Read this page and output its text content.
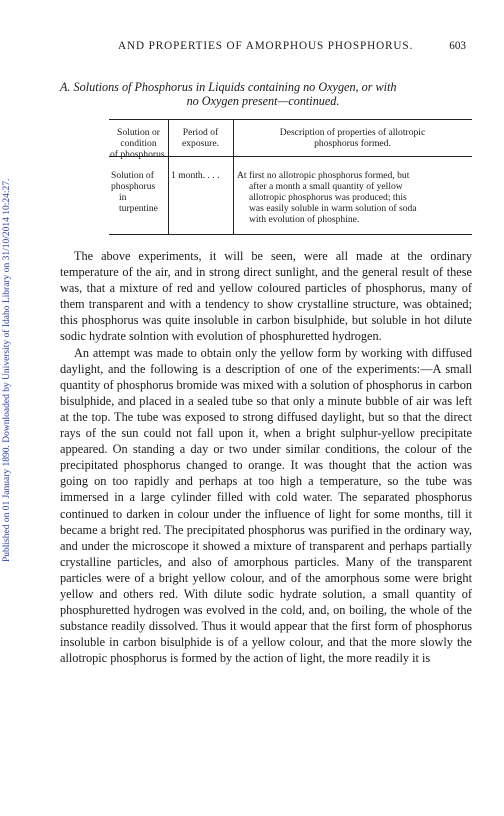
Published on 01 January 1890. Downloaded by University of Idaho Library on 31/10/2014 10:24:27.
AND PROPERTIES OF AMORPHOUS PHOSPHORUS.	603
A. Solutions of Phosphorus in Liquids containing no Oxygen, or with
no Oxygen present—continued.
Solution or condition
of phosphorus.
Period of
exposure.
Description of properties of allotropic
phosphorus formed.
Solution of phosphorus
in turpentine
1 month. . . .	At first no allotropic phosphorus formed, but
after a month a small quantity of yellow
allotropic phosphorus was produced; this
was easily soluble in warm solution of soda
with evolution of phosphine.

The above experiments, it will be seen, were all made at the ordinary temperature of the air, and in strong direct sunlight, and the general result of these was, that a mixture of red and yellow coloured particles of phosphorus, many of them transparent and with a tendency to show crystalline structure, was obtained; this phosphorus was quite insoluble in carbon bisulphide, but soluble in hot dilute sodic hydrate solntion with evolution of phosphuretted hydrogen.

An attempt was made to obtain only the yellow form by working with diffused daylight, and the following is a description of one of the experiments:—A small quantity of phosphorus bromide was mixed with a solution of phosphorus in carbon bisulphide, and placed in a sealed tube so that only a minute bubble of air was left at the top. The tube was exposed to strong diffused daylight, but so that the direct rays of the sun could not fall upon it, when a bright sulphur-yellow precipitate appeared. On standing a day or two under similar conditions, the colour of the precipitated phosphorus changed to orange. It was thought that the action was going on too rapidly and perhaps at too high a temperature, so the tube was immersed in a large cylinder filled with cold water. The separated phosphorus continued to darken in colour under the influence of light for some months, till it became a bright red. The precipitated phosphorus was purified in the ordinary way, and under the microscope it showed a mixture of transparent and perhaps partially crystalline particles, and also of amorphous particles. Many of the transparent particles were of a bright yellow colour, and of the amorphous some were bright yellow and others red. With dilute sodic hydrate solution, a small quantity of phosphuretted hydrogen was evolved in the cold, and, on boiling, the whole of the substance readily dissolved. Thus it would appear that the first form of phosphorus insoluble in carbon bisulphide is of a yellow colour, and that the more slowly the allotropic phosphorus is formed by the action of light, the more readily it is
